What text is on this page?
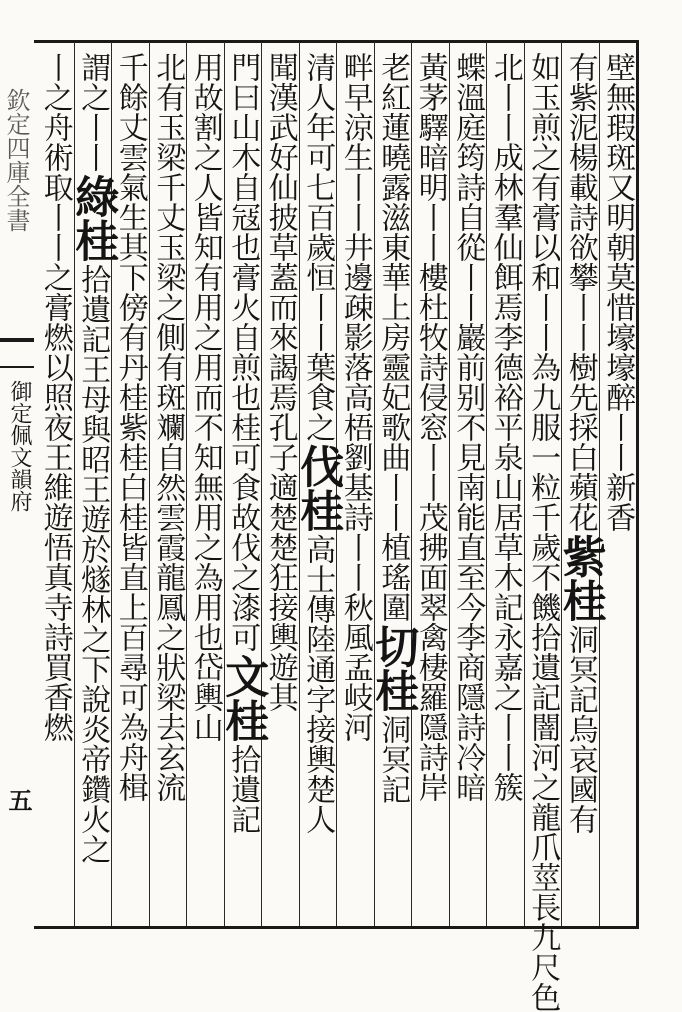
欽定四庫全書
御定佩文韻府
五
壁無瑕斑又明朝莫惜壕壕醉丨丨新香
有紫泥楊載詩欲攀丨丨樹先採白蘋花
紫桂
洞冥記烏哀國有
如玉煎之有膏以和丨丨為九服一粒千歲不饑拾遺記闇河之
龍爪莖長九尺色
北丨丨成林羣仙餌焉李德裕平泉山居草木記永嘉之丨丨簇
蝶溫庭筠詩自從丨丨巖前别不見南能直至今李商隱詩冷暗
黃茅驛暗明丨丨樓杜牧詩侵窓丨丨茂拂面翠禽棲羅隱詩岸
老紅蓮曉露滋東華上房靈妃歌曲丨丨植瑤圍
切桂
洞冥記
畔早涼生丨丨井邊疎影落高梧劉基詩丨丨秋風
孟岐河
清人年可七百歲恒丨丨葉食之
伐桂
高士傳陸通字接輿楚人
聞漢武好仙披草蓋而來謁焉
孔子適楚楚狂接輿遊其
門曰山木自冦也膏火自煎也桂可食故伐之漆可
文桂
拾遺記
用故割之人皆知有用之用而不知無用之為用也
岱輿山
北有玉梁千丈玉梁之側有斑斕自然雲霞龍鳳之狀梁去玄流
千餘丈雲氣生其下傍有丹桂紫桂白桂皆直上百尋可為舟楫
謂之丨丨
綠桂
拾遺記王母與昭王遊於燧林之下說炎帝鑽火之
丨之舟
術取丨丨之膏燃以照夜王維遊悟真寺詩買香燃
